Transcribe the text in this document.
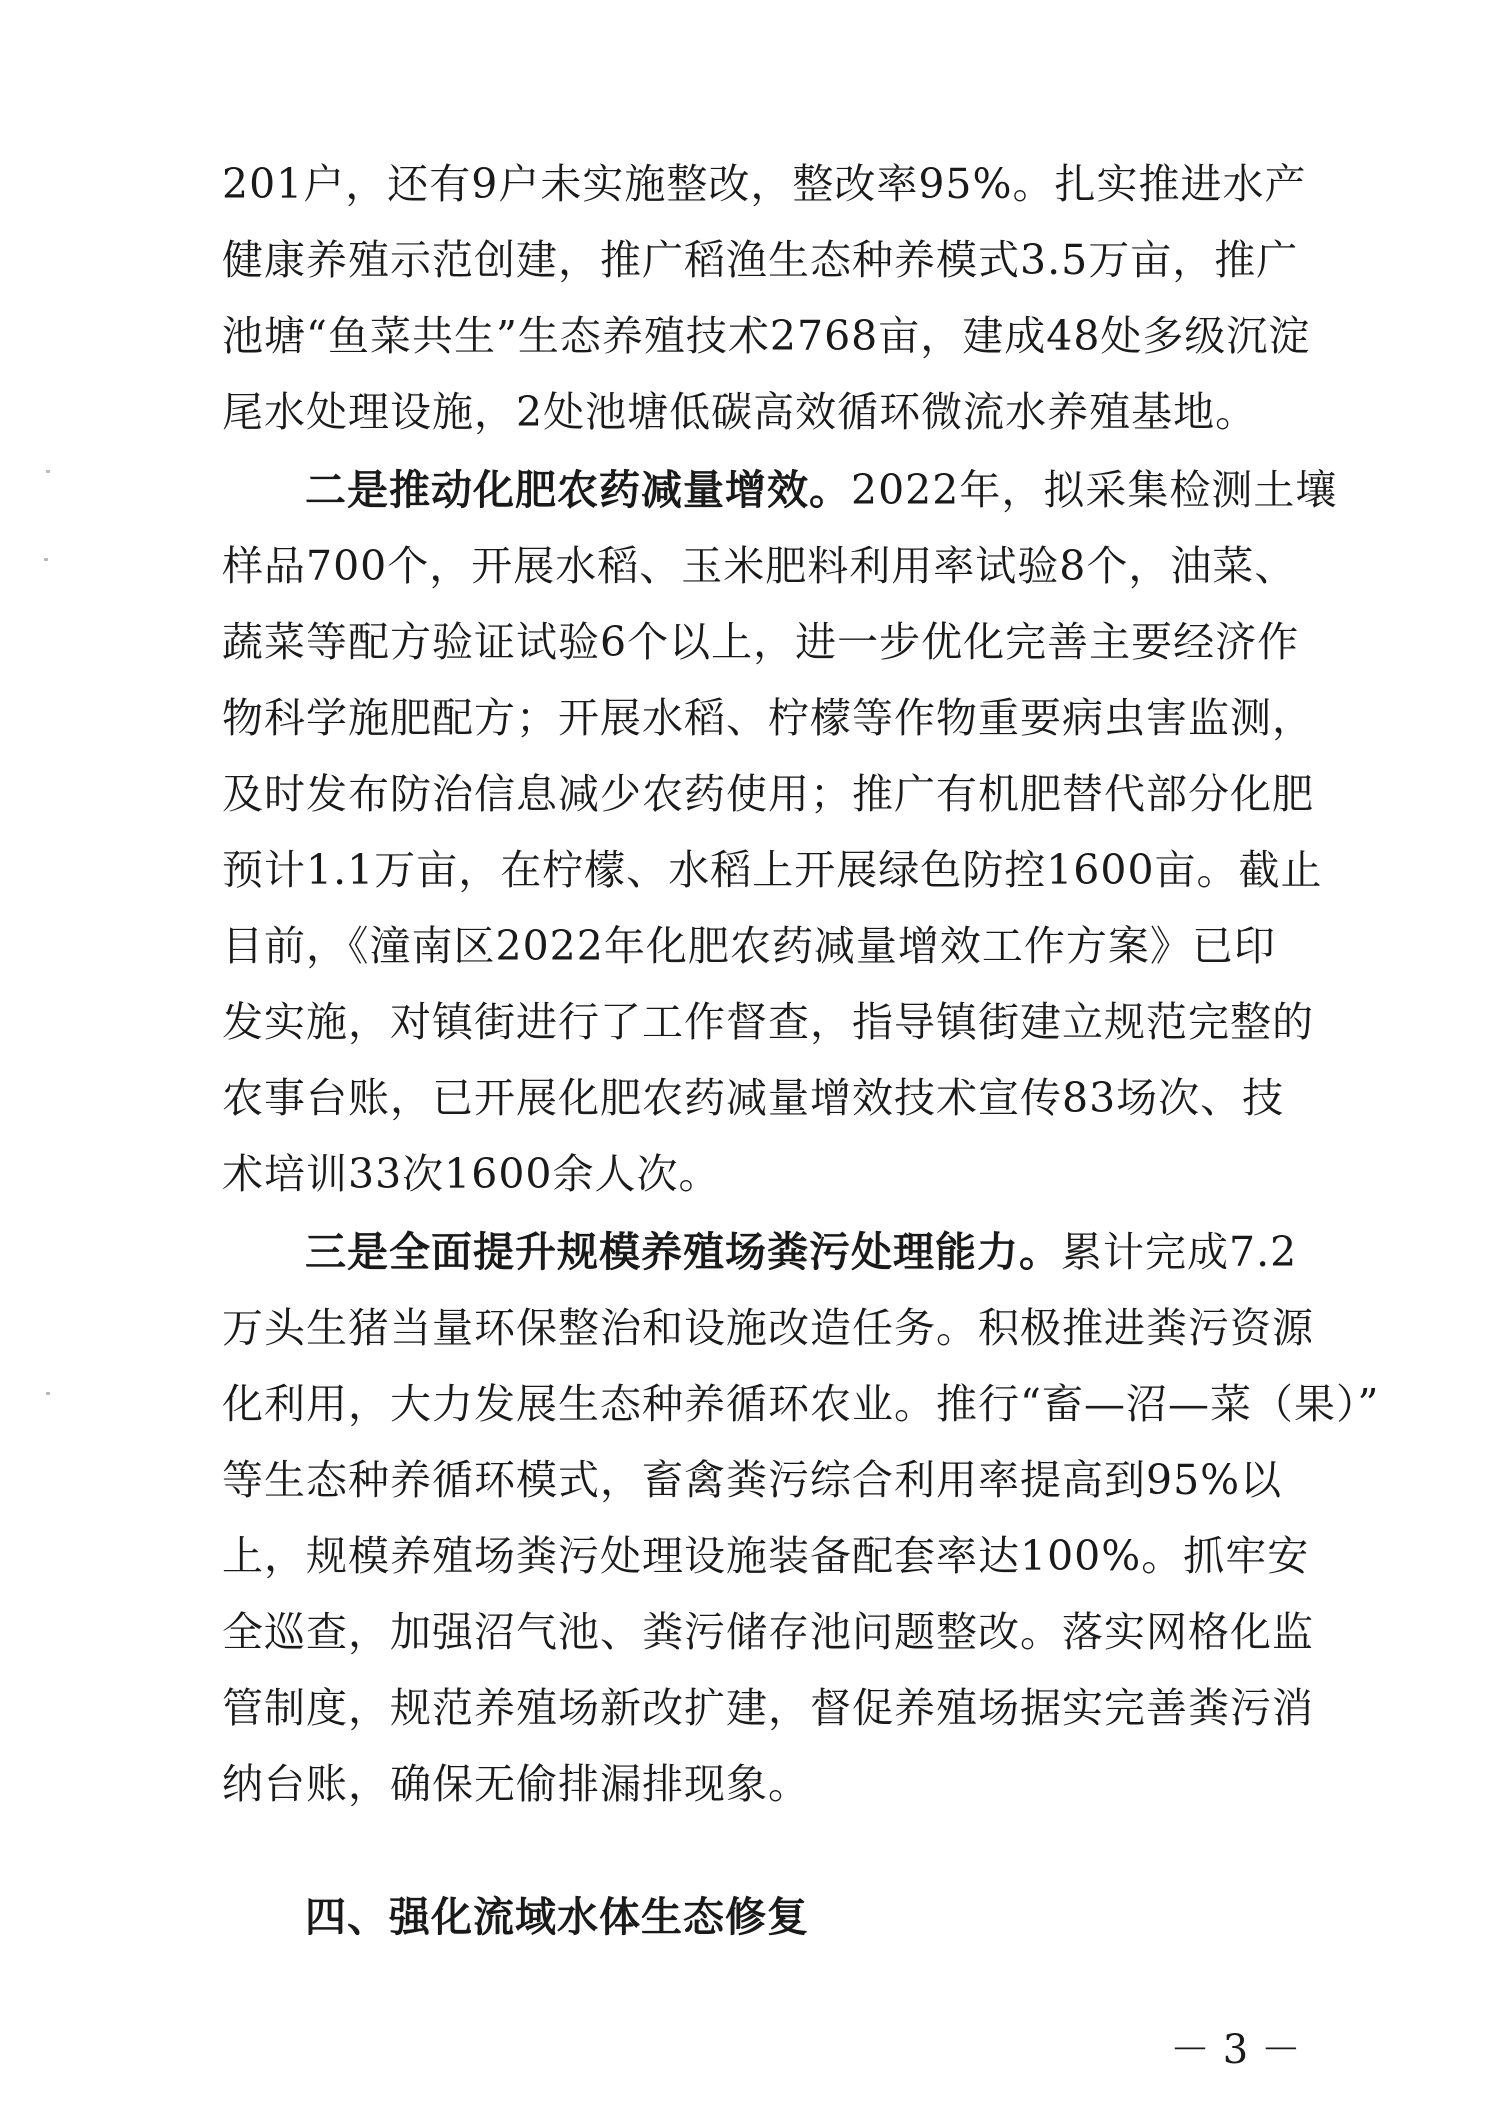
201户，还有9户未实施整改，整改率95%。扎实推进水产
健康养殖示范创建，推广稻渔生态种养模式3.5万亩，推广
池塘“鱼菜共生”生态养殖技术2768亩，建成48处多级沉淀
尾水处理设施，2处池塘低碳高效循环微流水养殖基地。
二是推动化肥农药减量增效。2022年，拟采集检测土壤
样品700个，开展水稻、玉米肥料利用率试验8个，油菜、
蔬菜等配方验证试验6个以上，进一步优化完善主要经济作
物科学施肥配方；开展水稻、柠檬等作物重要病虫害监测，
及时发布防治信息减少农药使用；推广有机肥替代部分化肥
预计1.1万亩，在柠檬、水稻上开展绿色防控1600亩。截止
目前，《潼南区2022年化肥农药减量增效工作方案》已印
发实施，对镇街进行了工作督查，指导镇街建立规范完整的
农事台账，已开展化肥农药减量增效技术宣传83场次、技
术培训33次1600余人次。
三是全面提升规模养殖场粪污处理能力。累计完成7.2
万头生猪当量环保整治和设施改造任务。积极推进粪污资源
化利用，大力发展生态种养循环农业。推行“畜—沼—菜（果）”
等生态种养循环模式，畜禽粪污综合利用率提高到95%以
上，规模养殖场粪污处理设施装备配套率达100%。抓牢安
全巡查，加强沼气池、粪污储存池问题整改。落实网格化监
管制度，规范养殖场新改扩建，督促养殖场据实完善粪污消
纳台账，确保无偷排漏排现象。
四、强化流域水体生态修复
－ 3 －
